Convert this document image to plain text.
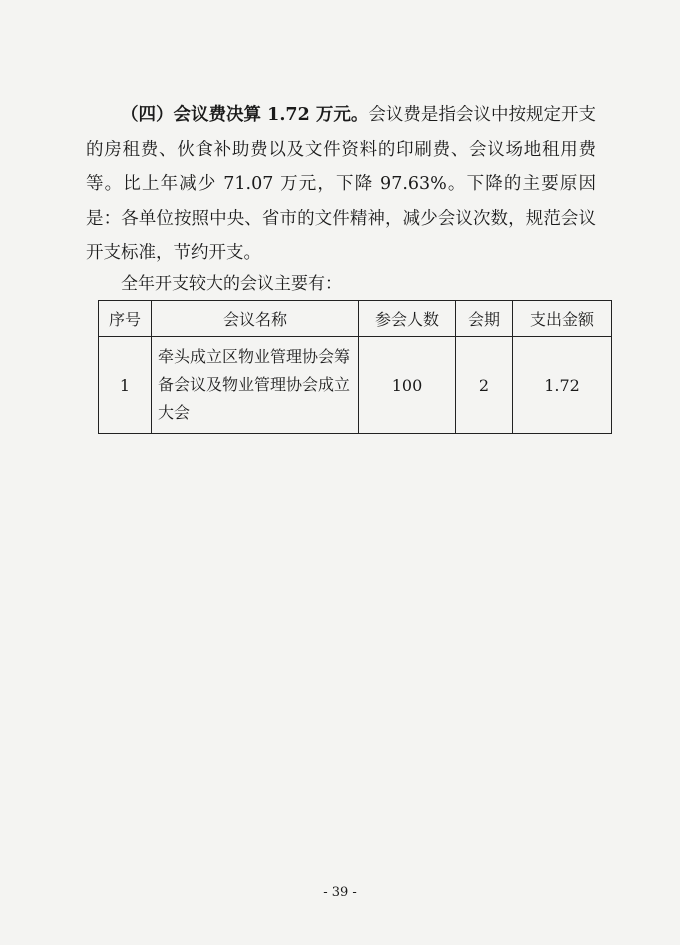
（四）会议费决算 1.72 万元。会议费是指会议中按规定开支的房租费、伙食补助费以及文件资料的印刷费、会议场地租用费等。比上年减少 71.07 万元，下降 97.63%。下降的主要原因是：各单位按照中央、省市的文件精神，减少会议次数，规范会议开支标准，节约开支。

全年开支较大的会议主要有：
序号	会议名称	参会人数	会期	支出金额
1	牵头成立区物业管理协会筹备会议及物业管理协会成立大会	100	2	1.72
- 39 -
